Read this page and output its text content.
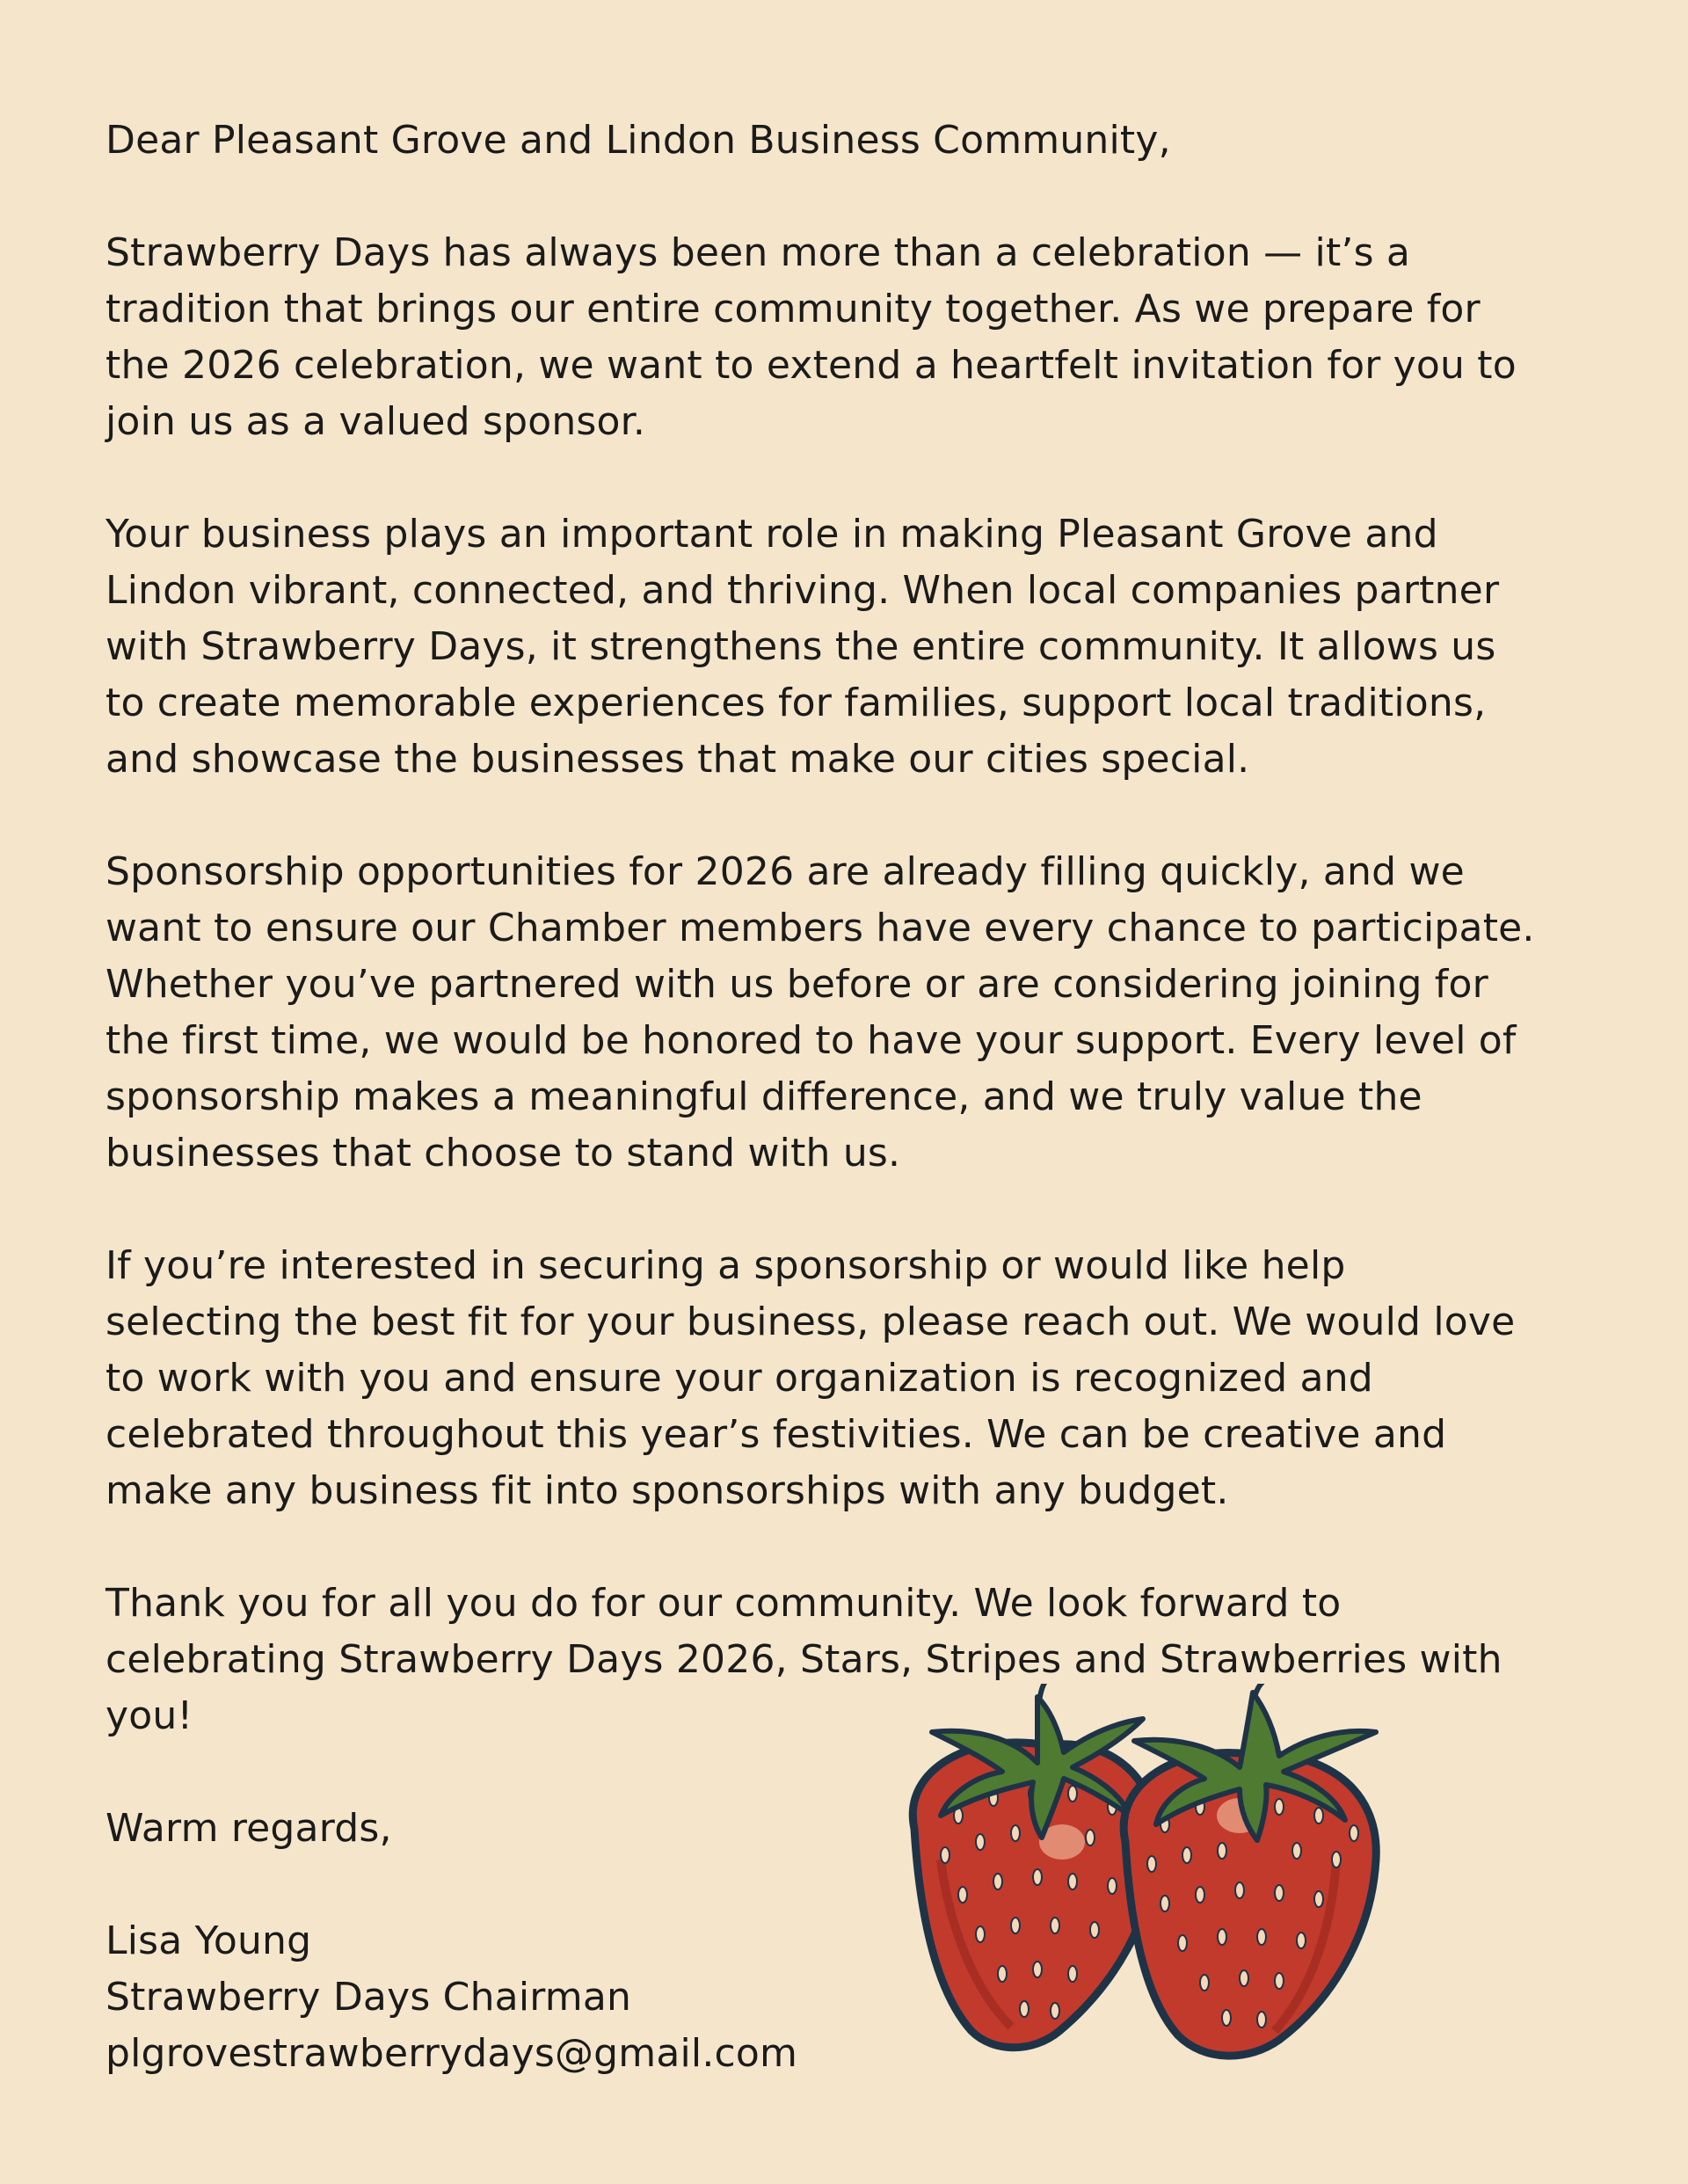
Dear Pleasant Grove and Lindon Business Community,

Strawberry Days has always been more than a celebration — it’s a
tradition that brings our entire community together. As we prepare for
the 2026 celebration, we want to extend a heartfelt invitation for you to
join us as a valued sponsor.

Your business plays an important role in making Pleasant Grove and
Lindon vibrant, connected, and thriving. When local companies partner
with Strawberry Days, it strengthens the entire community. It allows us
to create memorable experiences for families, support local traditions,
and showcase the businesses that make our cities special.

Sponsorship opportunities for 2026 are already filling quickly, and we
want to ensure our Chamber members have every chance to participate.
Whether you’ve partnered with us before or are considering joining for
the first time, we would be honored to have your support. Every level of
sponsorship makes a meaningful difference, and we truly value the
businesses that choose to stand with us.

If you’re interested in securing a sponsorship or would like help
selecting the best fit for your business, please reach out. We would love
to work with you and ensure your organization is recognized and
celebrated throughout this year’s festivities. We can be creative and
make any business fit into sponsorships with any budget.

Thank you for all you do for our community. We look forward to
celebrating Strawberry Days 2026, Stars, Stripes and Strawberries with
you!

Warm regards,

Lisa Young
Strawberry Days Chairman
plgrovestrawberrydays@gmail.com
